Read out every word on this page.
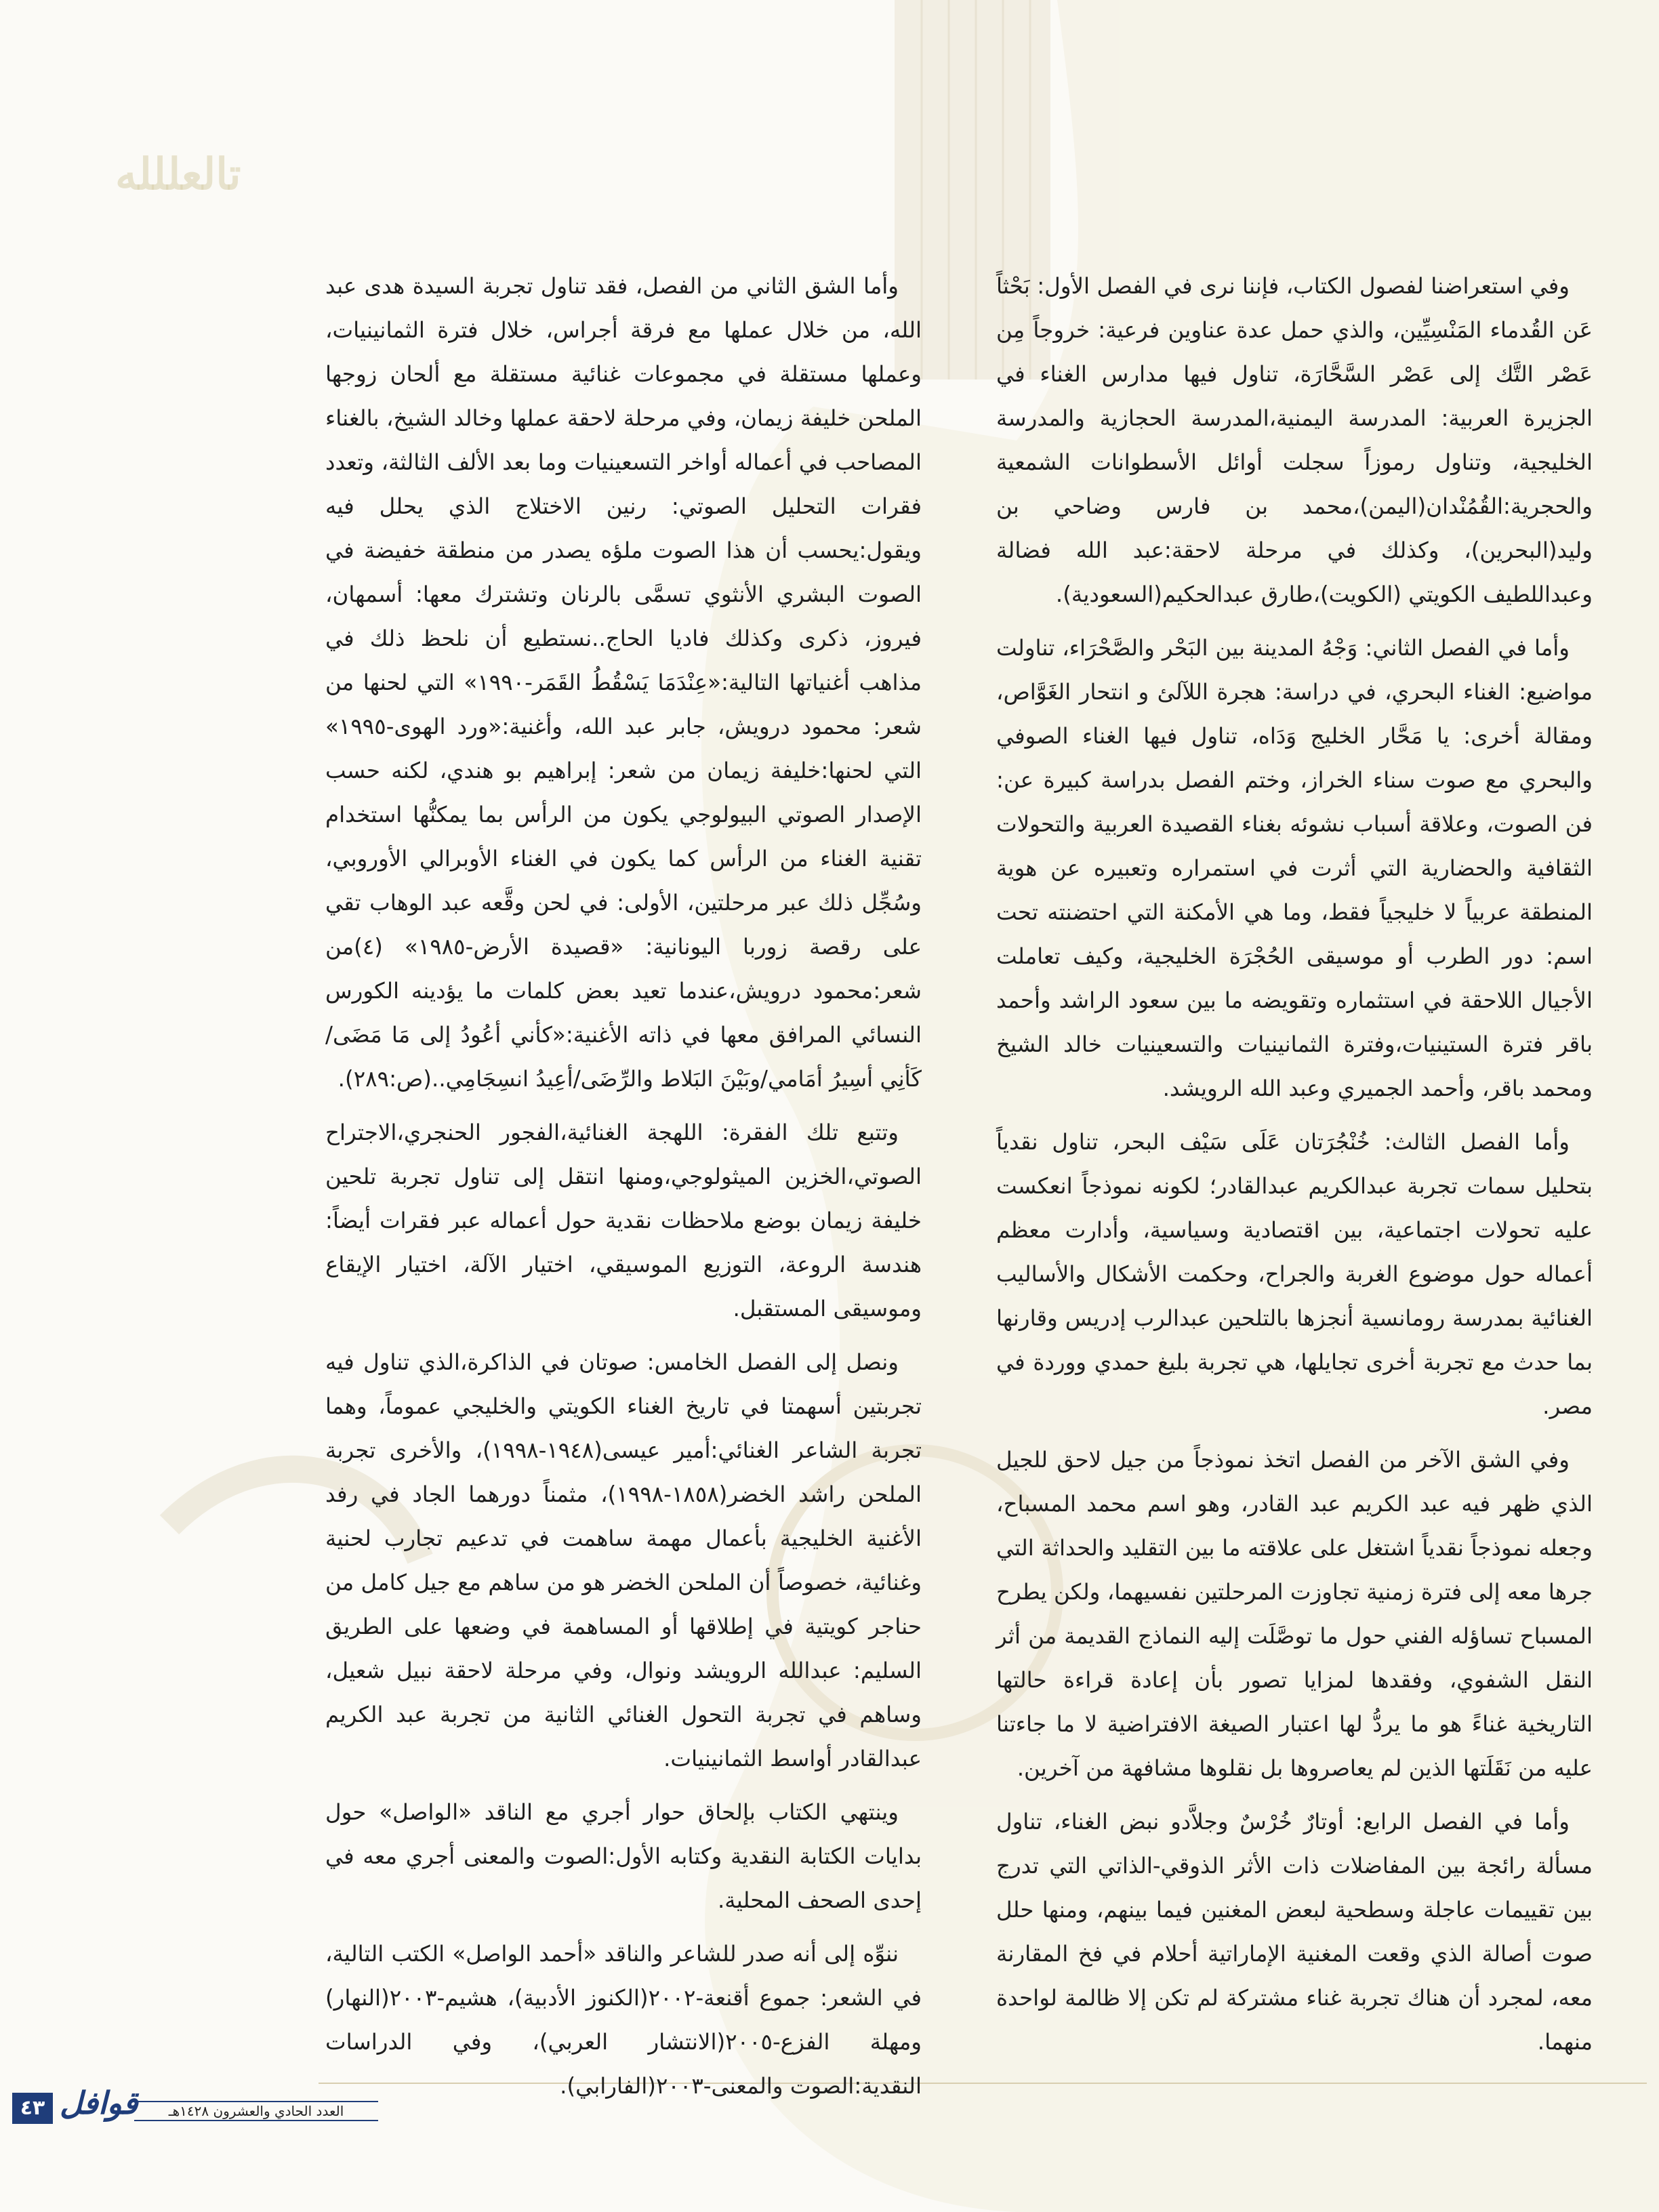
تالعللله

وفي استعراضنا لفصول الكتاب، فإننا نرى في الفصل الأول: بَحْثاً عَن القُدماء المَنْسِيِّين، والذي حمل عدة عناوين فرعية: خروجاً مِن عَصْر التَّك إلى عَصْر السَّحَّارَة، تناول فيها مدارس الغناء في الجزيرة العربية: المدرسة اليمنية،المدرسة الحجازية والمدرسة الخليجية، وتناول رموزاً سجلت أوائل الأسطوانات الشمعية والحجرية:القُمُنْدان(اليمن)،محمد بن فارس وضاحي بن وليد(البحرين)، وكذلك في مرحلة لاحقة:عبد الله فضالة وعبداللطيف الكويتي (الكويت)،طارق عبدالحكيم(السعودية).

وأما في الفصل الثاني: وَجْهُ المدينة بين البَحْر والصَّحْرَاء، تناولت مواضيع: الغناء البحري، في دراسة: هجرة اللآلئ و انتحار الغَوَّاص، ومقالة أخرى: يا مَحَّار الخليج وَدَاه، تناول فيها الغناء الصوفي والبحري مع صوت سناء الخراز، وختم الفصل بدراسة كبيرة عن: فن الصوت، وعلاقة أسباب نشوئه بغناء القصيدة العربية والتحولات الثقافية والحضارية التي أثرت في استمراره وتعبيره عن هوية المنطقة عربياً لا خليجياً فقط، وما هي الأمكنة التي احتضنته تحت اسم: دور الطرب أو موسيقى الحُجْرَة الخليجية، وكيف تعاملت الأجيال اللاحقة في استثماره وتقويضه ما بين سعود الراشد وأحمد باقر فترة الستينيات،وفترة الثمانينيات والتسعينيات خالد الشيخ ومحمد باقر، وأحمد الجميري وعبد الله الرويشد.

وأما الفصل الثالث: خُنْجُرَتان عَلَى سَيْف البحر، تناول نقدياً بتحليل سمات تجربة عبدالكريم عبدالقادر؛ لكونه نموذجاً انعكست عليه تحولات اجتماعية، بين اقتصادية وسياسية، وأدارت معظم أعماله حول موضوع الغربة والجراح، وحكمت الأشكال والأساليب الغنائية بمدرسة رومانسية أنجزها بالتلحين عبدالرب إدريس وقارنها بما حدث مع تجربة أخرى تجايلها، هي تجربة بليغ حمدي ووردة في مصر.

وفي الشق الآخر من الفصل اتخذ نموذجاً من جيل لاحق للجيل الذي ظهر فيه عبد الكريم عبد القادر، وهو اسم محمد المسباح، وجعله نموذجاً نقدياً اشتغل على علاقته ما بين التقليد والحداثة التي جرها معه إلى فترة زمنية تجاوزت المرحلتين نفسيهما، ولكن يطرح المسباح تساؤله الفني حول ما توصَّلَت إليه النماذج القديمة من أثر النقل الشفوي، وفقدها لمزايا تصور بأن إعادة قراءة حالتها التاريخية غناءً هو ما يردُّ لها اعتبار الصيغة الافتراضية لا ما جاءتنا عليه من نَقَلَتها الذين لم يعاصروها بل نقلوها مشافهة من آخرين.

وأما في الفصل الرابع: أوتارٌ خُرْسٌ وجلاَّدو نبض الغناء، تناول مسألة رائجة بين المفاضلات ذات الأثر الذوقي-الذاتي التي تدرج بين تقييمات عاجلة وسطحية لبعض المغنين فيما بينهم، ومنها حلل صوت أصالة الذي وقعت المغنية الإماراتية أحلام في فخ المقارنة معه، لمجرد أن هناك تجربة غناء مشتركة لم تكن إلا ظالمة لواحدة منهما.

وأما الشق الثاني من الفصل، فقد تناول تجربة السيدة هدى عبد الله، من خلال عملها مع فرقة أجراس، خلال فترة الثمانينيات، وعملها مستقلة في مجموعات غنائية مستقلة مع ألحان زوجها الملحن خليفة زيمان، وفي مرحلة لاحقة عملها وخالد الشيخ، بالغناء المصاحب في أعماله أواخر التسعينيات وما بعد الألف الثالثة، وتعدد فقرات التحليل الصوتي: رنين الاختلاج الذي يحلل فيه ويقول:يحسب أن هذا الصوت ملؤه يصدر من منطقة خفيضة في الصوت البشري الأنثوي تسمَّى بالرنان وتشترك معها: أسمهان، فيروز، ذكرى وكذلك فاديا الحاج..نستطيع أن نلحظ ذلك في مذاهب أغنياتها التالية:«عِنْدَمَا يَسْقُطُ القَمَر-١٩٩٠» التي لحنها من شعر: محمود درويش، جابر عبد الله، وأغنية:«ورد الهوى-١٩٩٥» التي لحنها:خليفة زيمان من شعر: إبراهيم بو هندي، لكنه حسب الإصدار الصوتي البيولوجي يكون من الرأس بما يمكنُّها استخدام تقنية الغناء من الرأس كما يكون في الغناء الأوبرالي الأوروبي، وسُجِّل ذلك عبر مرحلتين، الأولى: في لحن وقَّعه عبد الوهاب تقي على رقصة زوربا اليونانية: «قصيدة الأرض-١٩٨٥» (٤)من شعر:محمود درويش،عندما تعيد بعض كلمات ما يؤدينه الكورس النسائي المرافق معها في ذاته الأغنية:«كأني أعُودُ إلى مَا مَضَى/كَأنِي أسِيرُ أمَامي/وبَيْنَ البَلاط والرِّضَى/أعِيدُ انسِجَامِي..(ص:٢٨٩).

وتتبع تلك الفقرة: اللهجة الغنائية،الفجور الحنجري،الاجتراح الصوتي،الخزين الميثولوجي،ومنها انتقل إلى تناول تجربة تلحين خليفة زيمان بوضع ملاحظات نقدية حول أعماله عبر فقرات أيضاً: هندسة الروعة، التوزيع الموسيقي، اختيار الآلة، اختيار الإيقاع وموسيقى المستقبل.

ونصل إلى الفصل الخامس: صوتان في الذاكرة،الذي تناول فيه تجربتين أسهمتا في تاريخ الغناء الكويتي والخليجي عموماً، وهما تجربة الشاعر الغنائي:أمير عيسى(١٩٤٨-١٩٩٨)، والأخرى تجربة الملحن راشد الخضر(١٨٥٨-١٩٩٨)، مثمناً دورهما الجاد في رفد الأغنية الخليجية بأعمال مهمة ساهمت في تدعيم تجارب لحنية وغنائية، خصوصاً أن الملحن الخضر هو من ساهم مع جيل كامل من حناجر كويتية في إطلاقها أو المساهمة في وضعها على الطريق السليم: عبدالله الرويشد ونوال، وفي مرحلة لاحقة نبيل شعيل، وساهم في تجربة التحول الغنائي الثانية من تجربة عبد الكريم عبدالقادر أواسط الثمانينيات.

وينتهي الكتاب بإلحاق حوار أجري مع الناقد «الواصل» حول بدايات الكتابة النقدية وكتابه الأول:الصوت والمعنى أجري معه في إحدى الصحف المحلية.

ننوِّه إلى أنه صدر للشاعر والناقد «أحمد الواصل» الكتب التالية، في الشعر: جموع أقنعة-٢٠٠٢(الكنوز الأدبية)، هشيم-٢٠٠٣(النهار) ومهلة الفزع-٢٠٠٥(الانتشار العربي)، وفي الدراسات النقدية:الصوت والمعنى-٢٠٠٣(الفارابي).

٤٣ قوافل	العدد الحادي والعشرون ١٤٢٨هـ
